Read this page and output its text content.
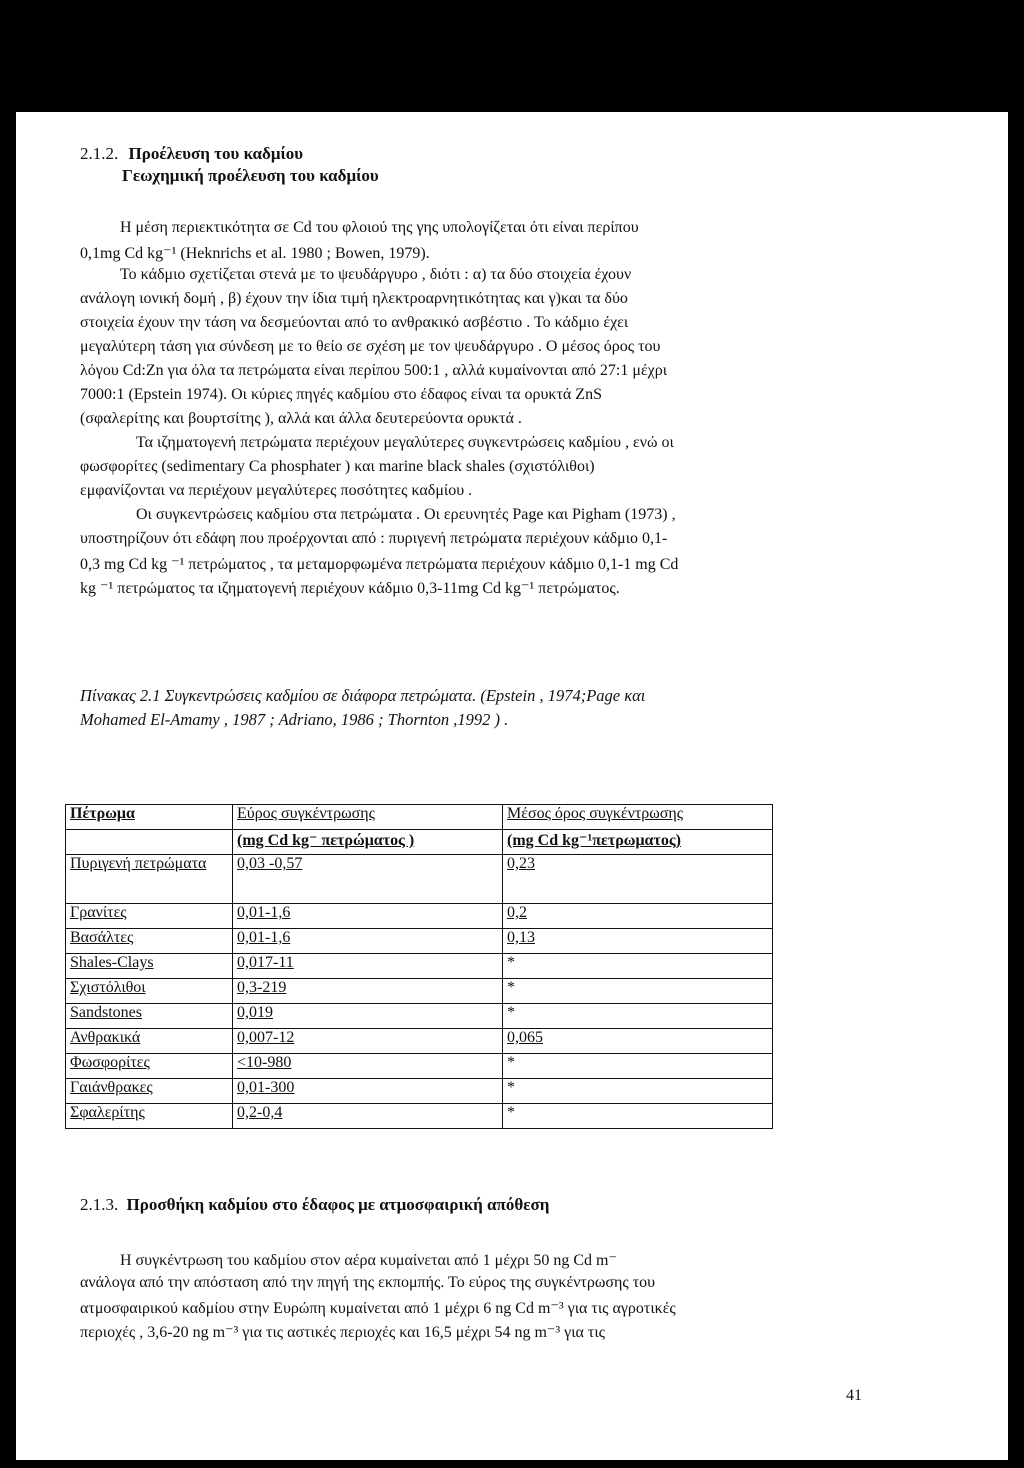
2.1.2. Προέλευση του καδμίου
Γεωχημική προέλευση του καδμίου
Η μέση περιεκτικότητα σε Cd του φλοιού της γης υπολογίζεται ότι είναι περίπου
0,1mg Cd kg⁻¹ (Heknrichs et al. 1980 ; Bowen, 1979).
Το κάδμιο σχετίζεται στενά με το ψευδάργυρο , διότι : α) τα δύο στοιχεία έχουν
ανάλογη ιονική δομή , β) έχουν την ίδια τιμή ηλεκτροαρνητικότητας και γ)και τα δύο
στοιχεία έχουν την τάση να δεσμεύονται από το ανθρακικό ασβέστιο . Το κάδμιο έχει
μεγαλύτερη τάση για σύνδεση με το θείο σε σχέση με τον ψευδάργυρο . Ο μέσος όρος του
λόγου Cd:Zn για όλα τα πετρώματα είναι περίπου 500:1 , αλλά κυμαίνονται από 27:1 μέχρι
7000:1 (Epstein 1974). Οι κύριες πηγές καδμίου στο έδαφος είναι τα ορυκτά ZnS
(σφαλερίτης και βουρτσίτης ), αλλά και άλλα δευτερεύοντα ορυκτά .
Τα ιζηματογενή πετρώματα περιέχουν μεγαλύτερες συγκεντρώσεις καδμίου , ενώ οι
φωσφορίτες (sedimentary Ca phosphater ) και marine black shales (σχιστόλιθοι)
εμφανίζονται να περιέχουν μεγαλύτερες ποσότητες καδμίου .
Οι συγκεντρώσεις καδμίου στα πετρώματα . Οι ερευνητές Page και Pigham (1973) ,
υποστηρίζουν ότι εδάφη που προέρχονται από : πυριγενή πετρώματα περιέχουν κάδμιο 0,1-
0,3 mg Cd kg ⁻¹ πετρώματος , τα μεταμορφωμένα πετρώματα περιέχουν κάδμιο 0,1-1 mg Cd
kg ⁻¹ πετρώματος τα ιζηματογενή περιέχουν κάδμιο 0,3-11mg Cd kg⁻¹ πετρώματος.
Πίνακας 2.1 Συγκεντρώσεις καδμίου σε διάφορα πετρώματα. (Epstein , 1974;Page και
Mohamed El-Amamy , 1987 ; Adriano, 1986 ; Thornton ,1992 ) .
Πέτρωμα	Εύρος συγκέντρωσης	Μέσος όρος συγκέντρωσης
	(mg Cd kg⁻ πετρώματος )	(mg Cd kg⁻¹πετρωματος)
Πυριγενή πετρώματα	0,03 -0,57	0,23
Γρανίτες	0,01-1,6	0,2
Βασάλτες	0,01-1,6	0,13
Shales-Clays	0,017-11	*
Σχιστόλιθοι	0,3-219	*
Sandstones	0,019	*
Ανθρακικά	0,007-12	0,065
Φωσφορίτες	<10-980	*
Γαιάνθρακες	0,01-300	*
Σφαλερίτης	0,2-0,4	*
2.1.3. Προσθήκη καδμίου στο έδαφος με ατμοσφαιρική απόθεση
Η συγκέντρωση του καδμίου στον αέρα κυμαίνεται από 1 μέχρι 50 ng Cd m⁻
ανάλογα από την απόσταση από την πηγή της εκπομπής. Το εύρος της συγκέντρωσης του
ατμοσφαιρικού καδμίου στην Ευρώπη κυμαίνεται από 1 μέχρι 6 ng Cd m⁻³ για τις αγροτικές
περιοχές , 3,6-20 ng m⁻³ για τις αστικές περιοχές και 16,5 μέχρι 54 ng m⁻³ για τις
41
